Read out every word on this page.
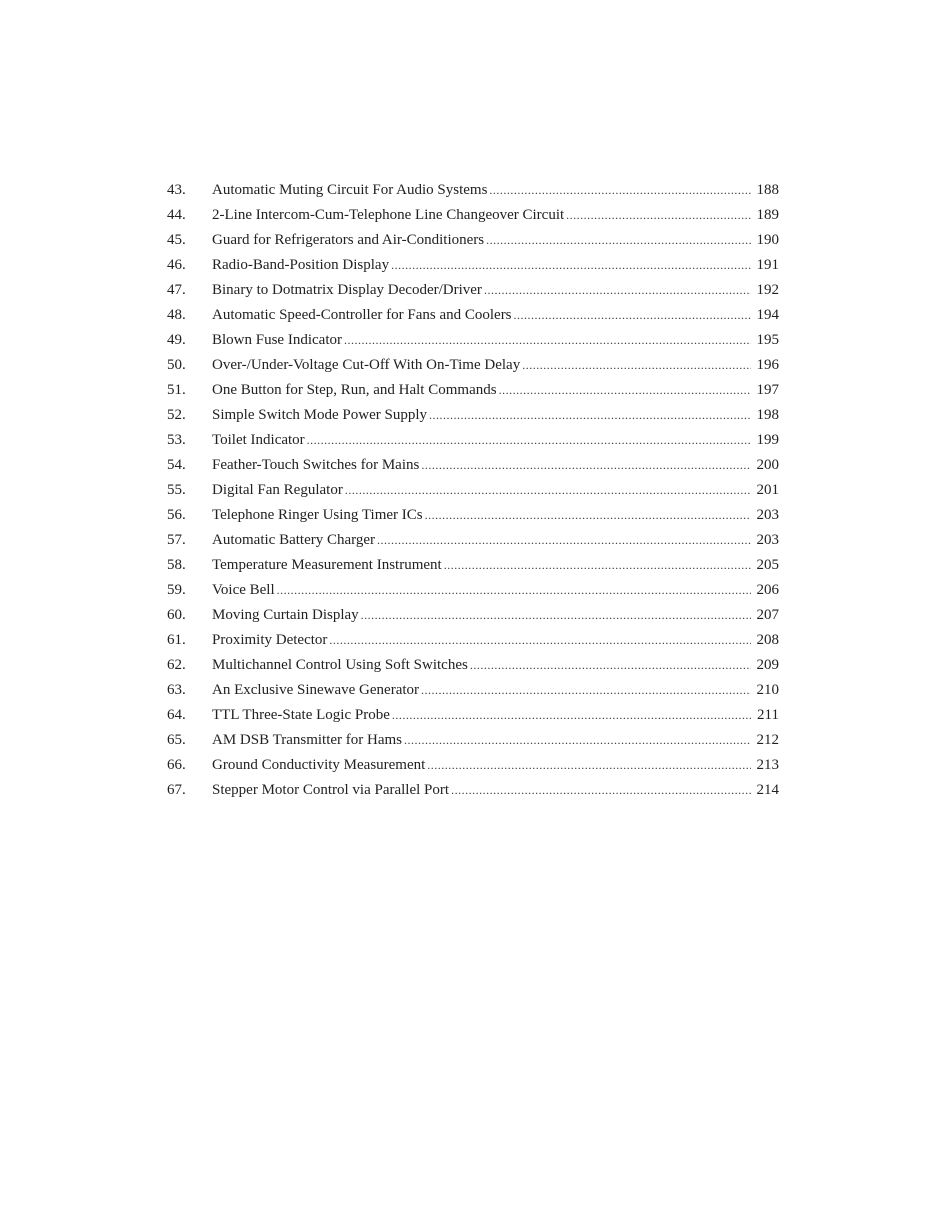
43.	Automatic Muting Circuit For Audio Systems .....	188
44.	2-Line Intercom-Cum-Telephone Line Changeover Circuit .....	189
45.	Guard for Refrigerators and Air-Conditioners .....	190
46.	Radio-Band-Position Display .....	191
47.	Binary to Dotmatrix Display Decoder/Driver .....	192
48.	Automatic Speed-Controller for Fans and Coolers .....	194
49.	Blown Fuse Indicator .....	195
50.	Over-/Under-Voltage Cut-Off With On-Time Delay .....	196
51.	One Button for Step, Run, and Halt Commands .....	197
52.	Simple Switch Mode Power Supply .....	198
53.	Toilet Indicator .....	199
54.	Feather-Touch Switches for Mains .....	200
55.	Digital Fan Regulator .....	201
56.	Telephone Ringer Using Timer ICs .....	203
57.	Automatic Battery Charger .....	203
58.	Temperature Measurement Instrument .....	205
59.	Voice Bell .....	206
60.	Moving Curtain Display .....	207
61.	Proximity Detector .....	208
62.	Multichannel Control Using Soft Switches .....	209
63.	An Exclusive Sinewave Generator .....	210
64.	TTL Three-State Logic Probe .....	211
65.	AM DSB Transmitter for Hams .....	212
66.	Ground Conductivity Measurement .....	213
67.	Stepper Motor Control via Parallel Port .....	214
